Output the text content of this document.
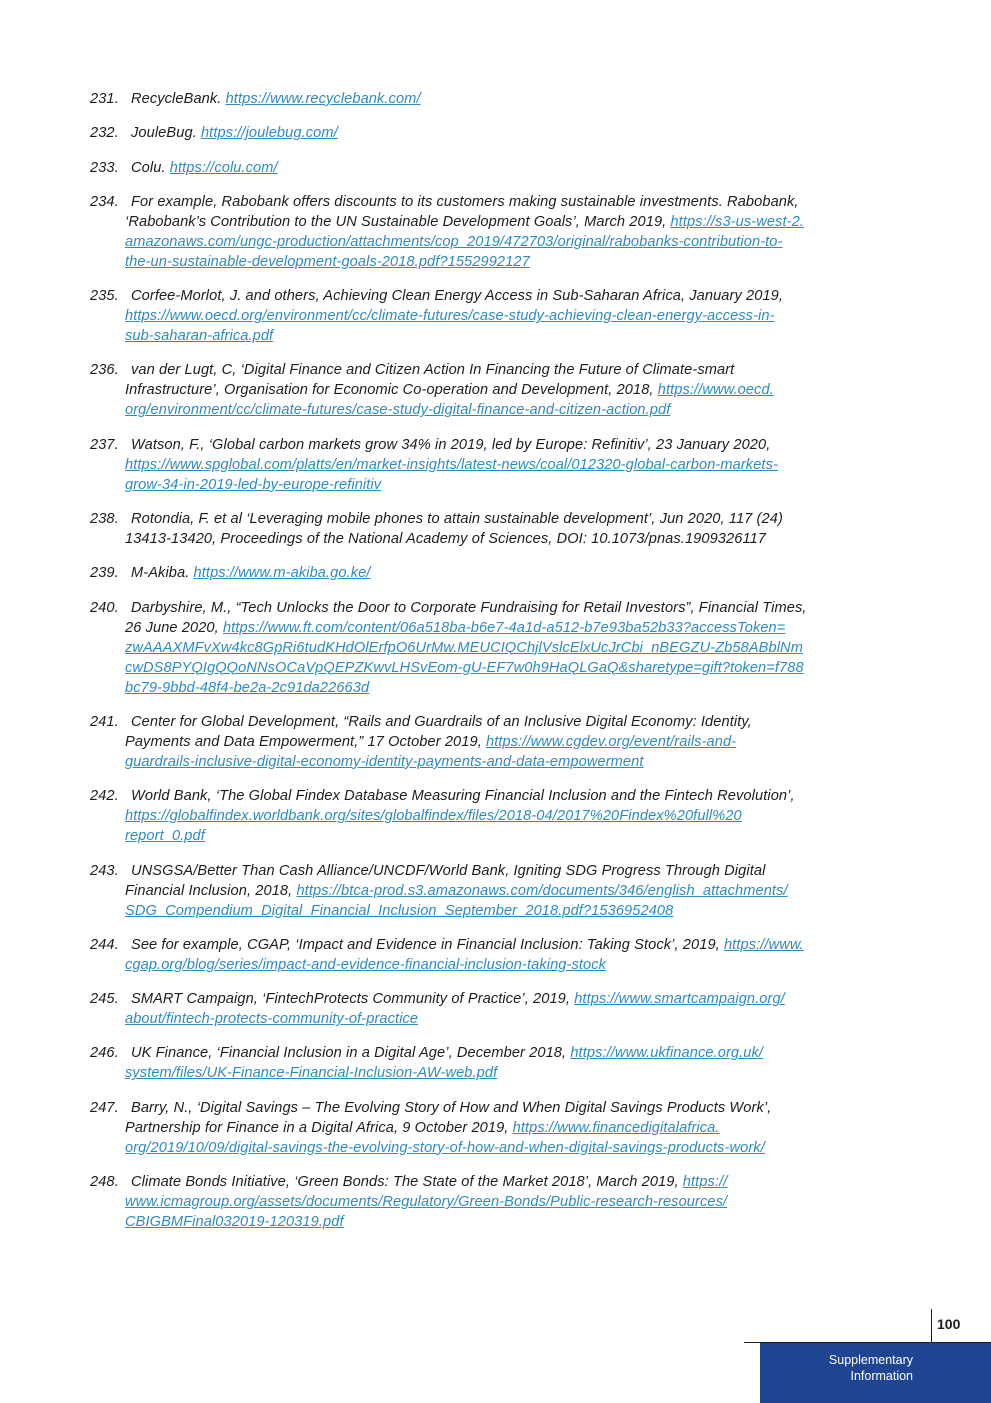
231. RecycleBank. https://www.recyclebank.com/
232. JouleBug. https://joulebug.com/
233. Colu. https://colu.com/
234. For example, Rabobank offers discounts to its customers making sustainable investments. Rabobank,
‘Rabobank’s Contribution to the UN Sustainable Development Goals’, March 2019, https://s3-us-west-2.
amazonaws.com/ungc-production/attachments/cop_2019/472703/original/rabobanks-contribution-to-
the-un-sustainable-development-goals-2018.pdf?1552992127
235. Corfee-Morlot, J. and others, Achieving Clean Energy Access in Sub-Saharan Africa, January 2019,
https://www.oecd.org/environment/cc/climate-futures/case-study-achieving-clean-energy-access-in-
sub-saharan-africa.pdf
236. van der Lugt, C, ‘Digital Finance and Citizen Action In Financing the Future of Climate-smart
Infrastructure’, Organisation for Economic Co-operation and Development, 2018, https://www.oecd.
org/environment/cc/climate-futures/case-study-digital-finance-and-citizen-action.pdf
237. Watson, F., ‘Global carbon markets grow 34% in 2019, led by Europe: Refinitiv’, 23 January 2020,
https://www.spglobal.com/platts/en/market-insights/latest-news/coal/012320-global-carbon-markets-
grow-34-in-2019-led-by-europe-refinitiv
238. Rotondia, F. et al ‘Leveraging mobile phones to attain sustainable development’, Jun 2020, 117 (24)
13413-13420, Proceedings of the National Academy of Sciences, DOI: 10.1073/pnas.1909326117
239. M-Akiba. https://www.m-akiba.go.ke/
240. Darbyshire, M., “Tech Unlocks the Door to Corporate Fundraising for Retail Investors”, Financial Times,
26 June 2020, https://www.ft.com/content/06a518ba-b6e7-4a1d-a512-b7e93ba52b33?accessToken=
zwAAAXMFvXw4kc8GpRi6tudKHdOlErfpO6UrMw.MEUCIQChjlVslcElxUcJrCbi_nBEGZU-Zb58ABblNm
cwDS8PYQIgQQoNNsOCaVpQEPZKwvLHSvEom-gU-EF7w0h9HaQLGaQ&sharetype=gift?token=f788
bc79-9bbd-48f4-be2a-2c91da22663d
241. Center for Global Development, “Rails and Guardrails of an Inclusive Digital Economy: Identity,
Payments and Data Empowerment,” 17 October 2019, https://www.cgdev.org/event/rails-and-
guardrails-inclusive-digital-economy-identity-payments-and-data-empowerment
242. World Bank, ‘The Global Findex Database Measuring Financial Inclusion and the Fintech Revolution’,
https://globalfindex.worldbank.org/sites/globalfindex/files/2018-04/2017%20Findex%20full%20
report_0.pdf
243. UNSGSA/Better Than Cash Alliance/UNCDF/World Bank, Igniting SDG Progress Through Digital
Financial Inclusion, 2018, https://btca-prod.s3.amazonaws.com/documents/346/english_attachments/
SDG_Compendium_Digital_Financial_Inclusion_September_2018.pdf?1536952408
244. See for example, CGAP, ‘Impact and Evidence in Financial Inclusion: Taking Stock’, 2019, https://www.
cgap.org/blog/series/impact-and-evidence-financial-inclusion-taking-stock
245. SMART Campaign, ‘FintechProtects Community of Practice’, 2019, https://www.smartcampaign.org/
about/fintech-protects-community-of-practice
246. UK Finance, ‘Financial Inclusion in a Digital Age’, December 2018, https://www.ukfinance.org.uk/
system/files/UK-Finance-Financial-Inclusion-AW-web.pdf
247. Barry, N., ‘Digital Savings – The Evolving Story of How and When Digital Savings Products Work’,
Partnership for Finance in a Digital Africa, 9 October 2019, https://www.financedigitalafrica.
org/2019/10/09/digital-savings-the-evolving-story-of-how-and-when-digital-savings-products-work/
248. Climate Bonds Initiative, ‘Green Bonds: The State of the Market 2018’, March 2019, https://
www.icmagroup.org/assets/documents/Regulatory/Green-Bonds/Public-research-resources/
CBIGBMFinal032019-120319.pdf
100
Supplementary
Information
